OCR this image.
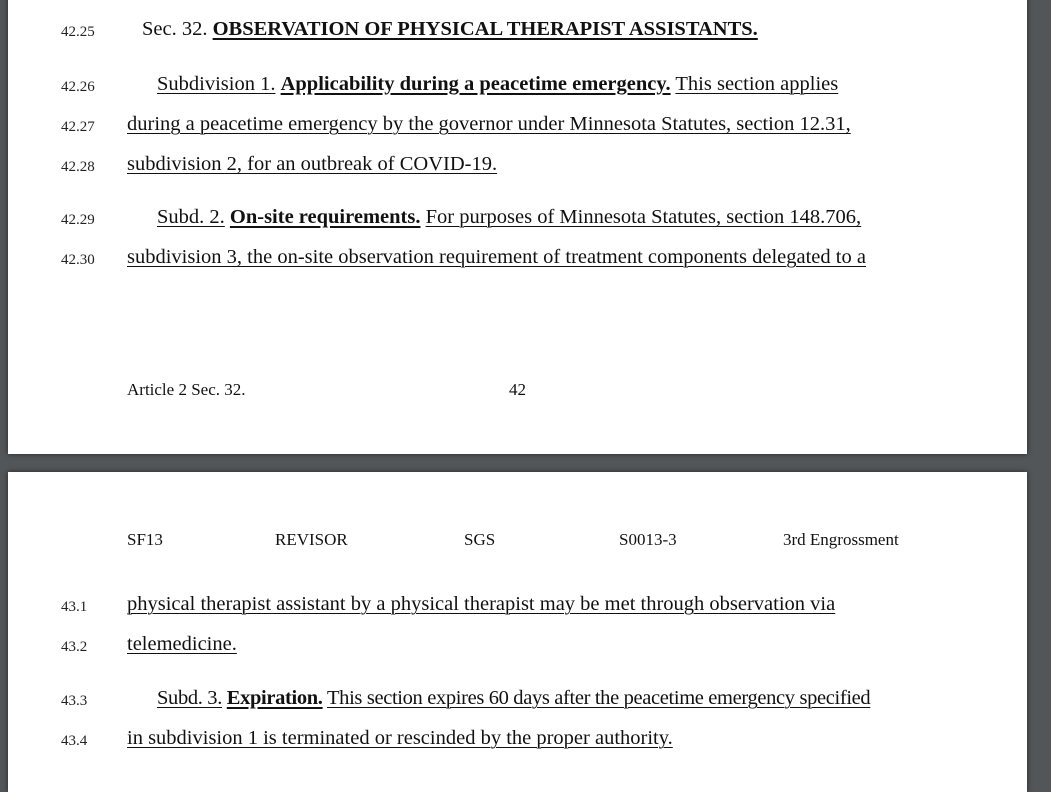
42.25	Sec. 32. OBSERVATION OF PHYSICAL THERAPIST ASSISTANTS.
42.26	Subdivision 1. Applicability during a peacetime emergency. This section applies
42.27	during a peacetime emergency by the governor under Minnesota Statutes, section 12.31,
42.28	subdivision 2, for an outbreak of COVID-19.
42.29	Subd. 2. On-site requirements. For purposes of Minnesota Statutes, section 148.706,
42.30	subdivision 3, the on-site observation requirement of treatment components delegated to a
Article 2 Sec. 32.	42
SF13	REVISOR	SGS	S0013-3	3rd Engrossment
43.1	physical therapist assistant by a physical therapist may be met through observation via
43.2	telemedicine.
43.3	Subd. 3. Expiration. This section expires 60 days after the peacetime emergency specified
43.4	in subdivision 1 is terminated or rescinded by the proper authority.
